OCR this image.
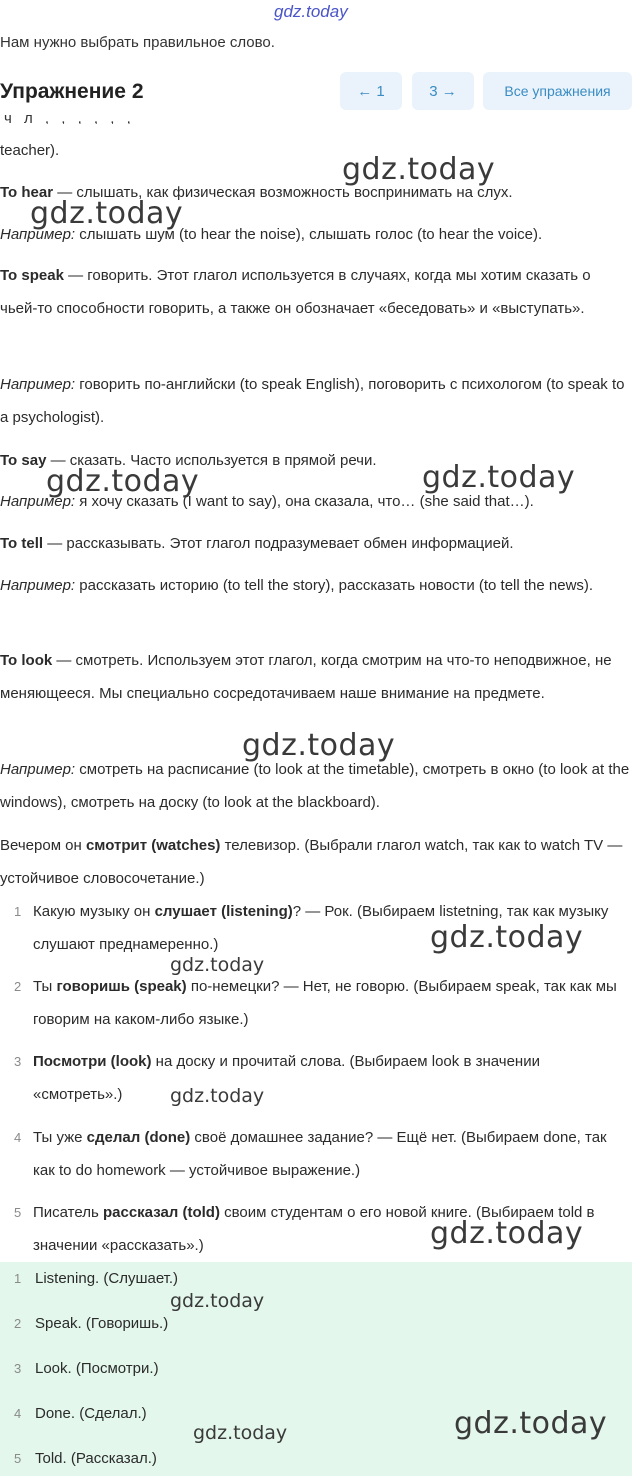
gdz.today
Нам нужно выбрать правильное слово.
Упражнение 2	← 1	3 →	Все упражнения
ч л , , , , , ,
teacher).
To hear — слышать, как физическая возможность воспринимать на слух.
Например: слышать шум (to hear the noise), слышать голос (to hear the voice).
To speak — говорить. Этот глагол используется в случаях, когда мы хотим сказать о чьей-то способности говорить, а также он обозначает «беседовать» и «выступать».
Например: говорить по-английски (to speak English), поговорить с психологом (to speak to a psychologist).
To say — сказать. Часто используется в прямой речи.
Например: я хочу сказать (I want to say), она сказала, что… (she said that…).
To tell — рассказывать. Этот глагол подразумевает обмен информацией.
Например: рассказать историю (to tell the story), рассказать новости (to tell the news).
To look — смотреть. Используем этот глагол, когда смотрим на что-то неподвижное, не меняющееся. Мы специально сосредотачиваем наше внимание на предмете.
Например: смотреть на расписание (to look at the timetable), смотреть в окно (to look at the windows), смотреть на доску (to look at the blackboard).
Вечером он смотрит (watches) телевизор. (Выбрали глагол watch, так как to watch TV — устойчивое словосочетание.)
1 Какую музыку он слушает (listening)? — Рок. (Выбираем listetning, так как музыку слушают преднамеренно.)
2 Ты говоришь (speak) по-немецки? — Нет, не говорю. (Выбираем speak, так как мы говорим на каком-либо языке.)
3 Посмотри (look) на доску и прочитай слова. (Выбираем look в значении «смотреть».)
4 Ты уже сделал (done) своё домашнее задание? — Ещё нет. (Выбираем done, так как to do homework — устойчивое выражение.)
5 Писатель рассказал (told) своим студентам о его новой книге. (Выбираем told в значении «рассказать».)
1 Listening. (Слушает.)
2 Speak. (Говоришь.)
3 Look. (Посмотри.)
4 Done. (Сделал.)
5 Told. (Рассказал.)
gdz.today
gdz.today
gdz.today	gdz.today
gdz.today
gdz.today
gdz.today
gdz.today
gdz.today
gdz.today
gdz.today
gdz.today
